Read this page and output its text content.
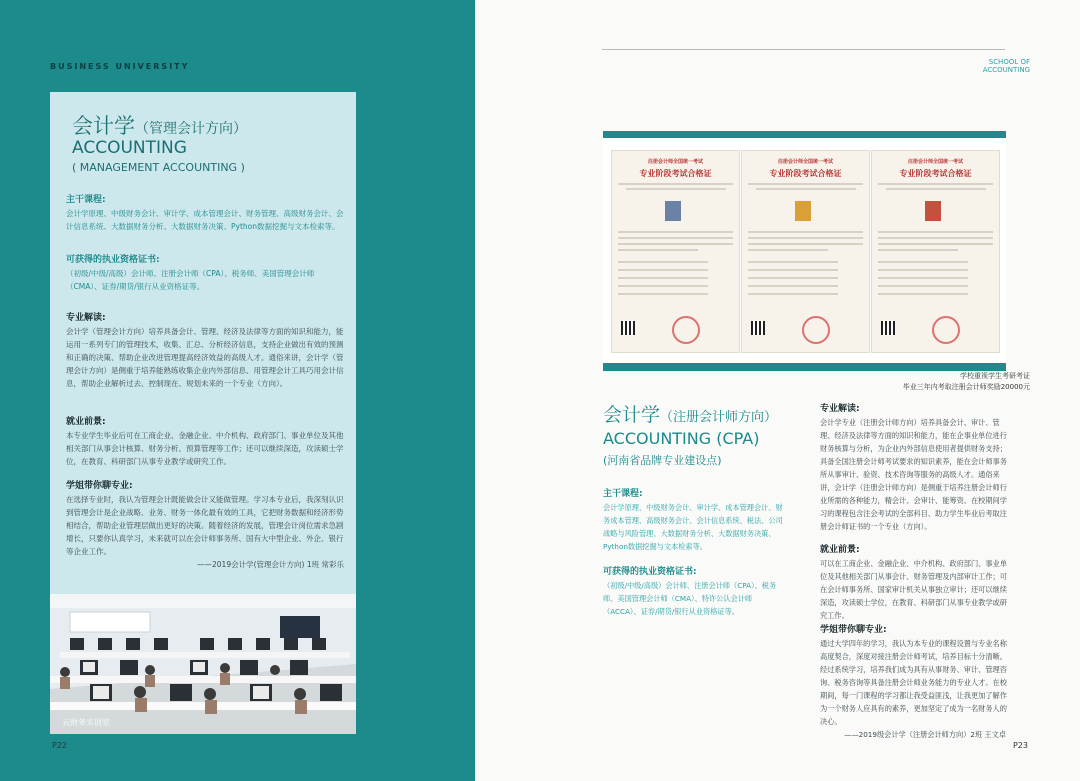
BUSINESS UNIVERSITY
会计学（管理会计方向）
ACCOUNTING
( MANAGEMENT ACCOUNTING )
主干课程:
会计学原理、中级财务会计、审计学、成本管理会计、财务管理、高级财务会计、会计信息系统、大数据财务分析、大数据财务决策、Python数据挖掘与文本检索等。
可获得的执业资格证书:
（初级/中级/高级）会计师、注册会计师（CPA）、税务师、美国管理会计师（CMA）、证券/期货/银行从业资格证等。
专业解读:
会计学（管理会计方向）培养具备会计、管理、经济及法律等方面的知识和能力，能运用一系列专门的管理技术，收集、汇总、分析经济信息，支持企业做出有效的预测和正确的决策、帮助企业改进管理提高经济效益的高级人才。通俗来讲，会计学（管理会计方向）是侧重于培养能熟练收集企业内外部信息、用管理会计工具巧用会计信息，帮助企业解析过去、控制现在、规划未来的一个专业（方向）。
就业前景:
本专业学生毕业后可在工商企业、金融企业、中介机构、政府部门、事业单位及其他相关部门从事会计核算、财务分析、预算管理等工作；还可以继续深造，攻读硕士学位，在教育、科研部门从事专业教学或研究工作。
学姐带你聊专业:
在选择专业时，我认为管理会计既能做会计又能做管理。学习本专业后，我深刻认识到管理会计是企业战略、业务、财务一体化最有效的工具，它把财务数据和经济形势相结合，帮助企业管理层做出更好的决策。随着经济的发展，管理会计岗位需求急剧增长，只要你认真学习，未来就可以在会计师事务所、国有大中型企业、外企、银行等企业工作。
——2019会计学(管理会计方向) 1班 常彩乐
云财务实训室
P22
SCHOOL OF
ACCOUNTING
注册会计师全国统一考试
专业阶段考试合格证
注册会计师全国统一考试
专业阶段考试合格证
注册会计师全国统一考试
专业阶段考试合格证
学校重视学生考研考证
毕业三年内考取注册会计师奖励20000元
会计学（注册会计师方向）
ACCOUNTING (CPA)
(河南省品牌专业建设点)
主干课程:
会计学原理、中级财务会计、审计学、成本管理会计、财务成本管理、高级财务会计、会计信息系统、税法、公司战略与风险管理、大数据财务分析、大数据财务决策、Python数据挖掘与文本检索等。
可获得的执业资格证书:
（初级/中级/高级）会计师、注册会计师（CPA）、税务师、美国管理会计师（CMA）、特许公认会计师（ACCA）、证券/期货/银行从业资格证等。
专业解读:
会计学专业（注册会计师方向）培养具备会计、审计、管理、经济及法律等方面的知识和能力，能在企事业单位进行财务核算与分析，为企业内外部信息使用者提供财务支持；具备全国注册会计师考试要求的知识素养，能在会计师事务所从事审计、验资、技术咨询等服务的高级人才。通俗来讲，会计学（注册会计师方向）是侧重于培养注册会计师行业所需的各种能力，精会计、会审计、能筹资、在校期间学习的课程包含注会考试的全部科目、助力学生毕业后考取注册会计师证书的一个专业（方向）。
就业前景:
可以在工商企业、金融企业、中介机构、政府部门、事业单位及其他相关部门从事会计、财务管理及内部审计工作；可在会计师事务所、国家审计机关从事独立审计；还可以继续深造，攻读硕士学位，在教育、科研部门从事专业教学或研究工作。
学姐带你聊专业:
通过大学四年的学习，我认为本专业的课程设置与专业名称高度契合，深度对接注册会计师考试，培养目标十分清晰。经过系统学习，培养我们成为具有从事财务、审计、管理咨询、税务咨询等具备注册会计师业务能力的专业人才。在校期间，每一门课程的学习都让我受益匪浅，让我更加了解作为一个财务人应具有的素养，更加坚定了成为一名财务人的决心。
——2019级会计学（注册会计师方向）2班 王文卓
P23
